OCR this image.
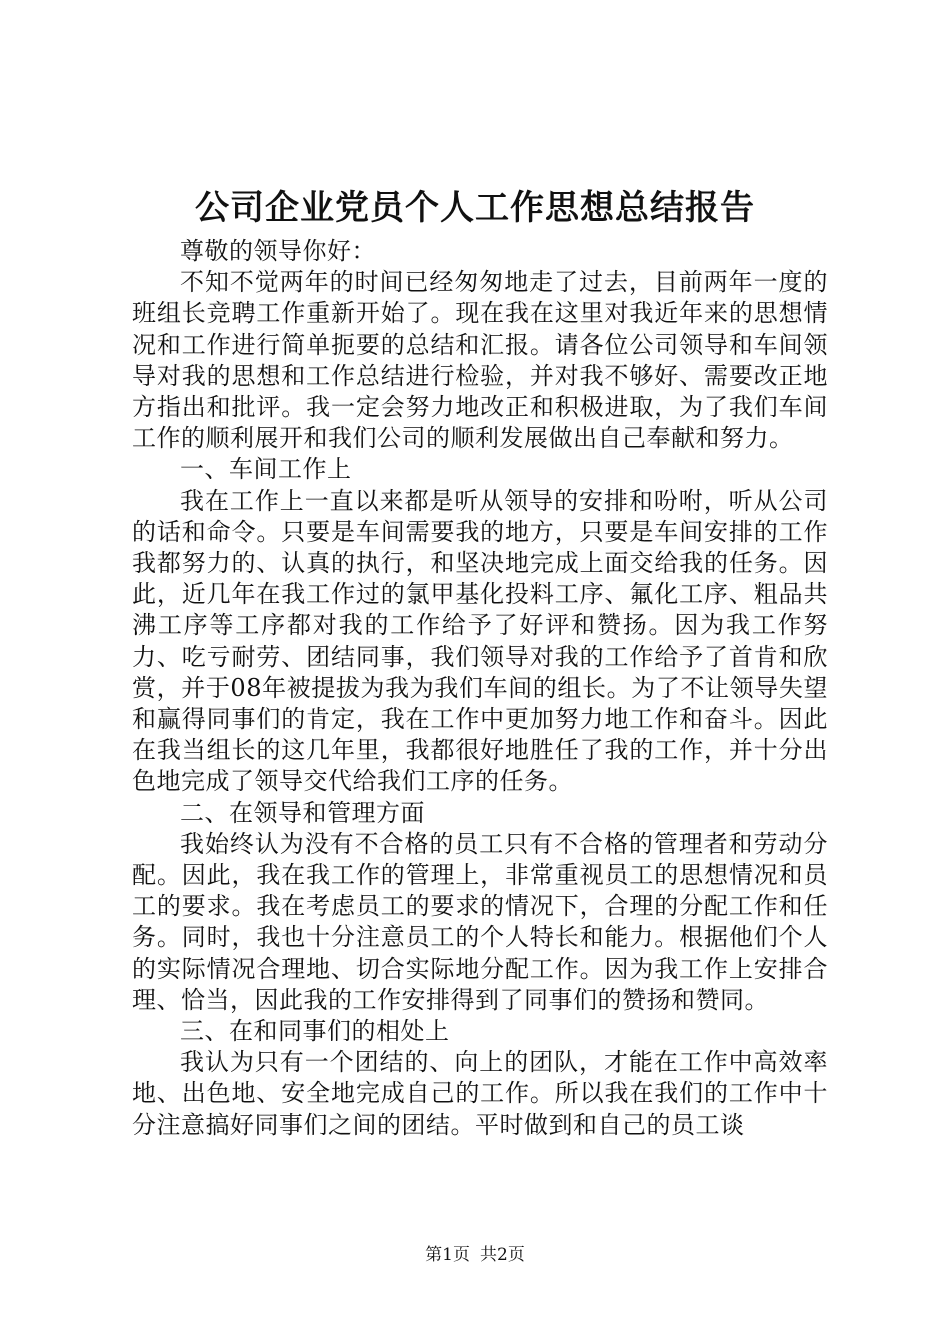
公司企业党员个人工作思想总结报告

尊敬的领导你好：

不知不觉两年的时间已经匆匆地走了过去，目前两年一度的班组长竞聘工作重新开始了。现在我在这里对我近年来的思想情况和工作进行简单扼要的总结和汇报。请各位公司领导和车间领导对我的思想和工作总结进行检验，并对我不够好、需要改正地方指出和批评。我一定会努力地改正和积极进取，为了我们车间工作的顺利展开和我们公司的顺利发展做出自己奉献和努力。

一、车间工作上

我在工作上一直以来都是听从领导的安排和吩咐，听从公司的话和命令。只要是车间需要我的地方，只要是车间安排的工作我都努力的、认真的执行，和坚决地完成上面交给我的任务。因此，近几年在我工作过的氯甲基化投料工序、氟化工序、粗品共沸工序等工序都对我的工作给予了好评和赞扬。因为我工作努力、吃亏耐劳、团结同事，我们领导对我的工作给予了首肯和欣赏，并于08年被提拔为我为我们车间的组长。为了不让领导失望和赢得同事们的肯定，我在工作中更加努力地工作和奋斗。因此在我当组长的这几年里，我都很好地胜任了我的工作，并十分出色地完成了领导交代给我们工序的任务。

二、在领导和管理方面

我始终认为没有不合格的员工只有不合格的管理者和劳动分配。因此，我在我工作的管理上，非常重视员工的思想情况和员工的要求。我在考虑员工的要求的情况下，合理的分配工作和任务。同时，我也十分注意员工的个人特长和能力。根据他们个人的实际情况合理地、切合实际地分配工作。因为我工作上安排合理、恰当，因此我的工作安排得到了同事们的赞扬和赞同。

三、在和同事们的相处上

我认为只有一个团结的、向上的团队，才能在工作中高效率地、出色地、安全地完成自己的工作。所以我在我们的工作中十分注意搞好同事们之间的团结。平时做到和自己的员工谈

第1页 共2页
